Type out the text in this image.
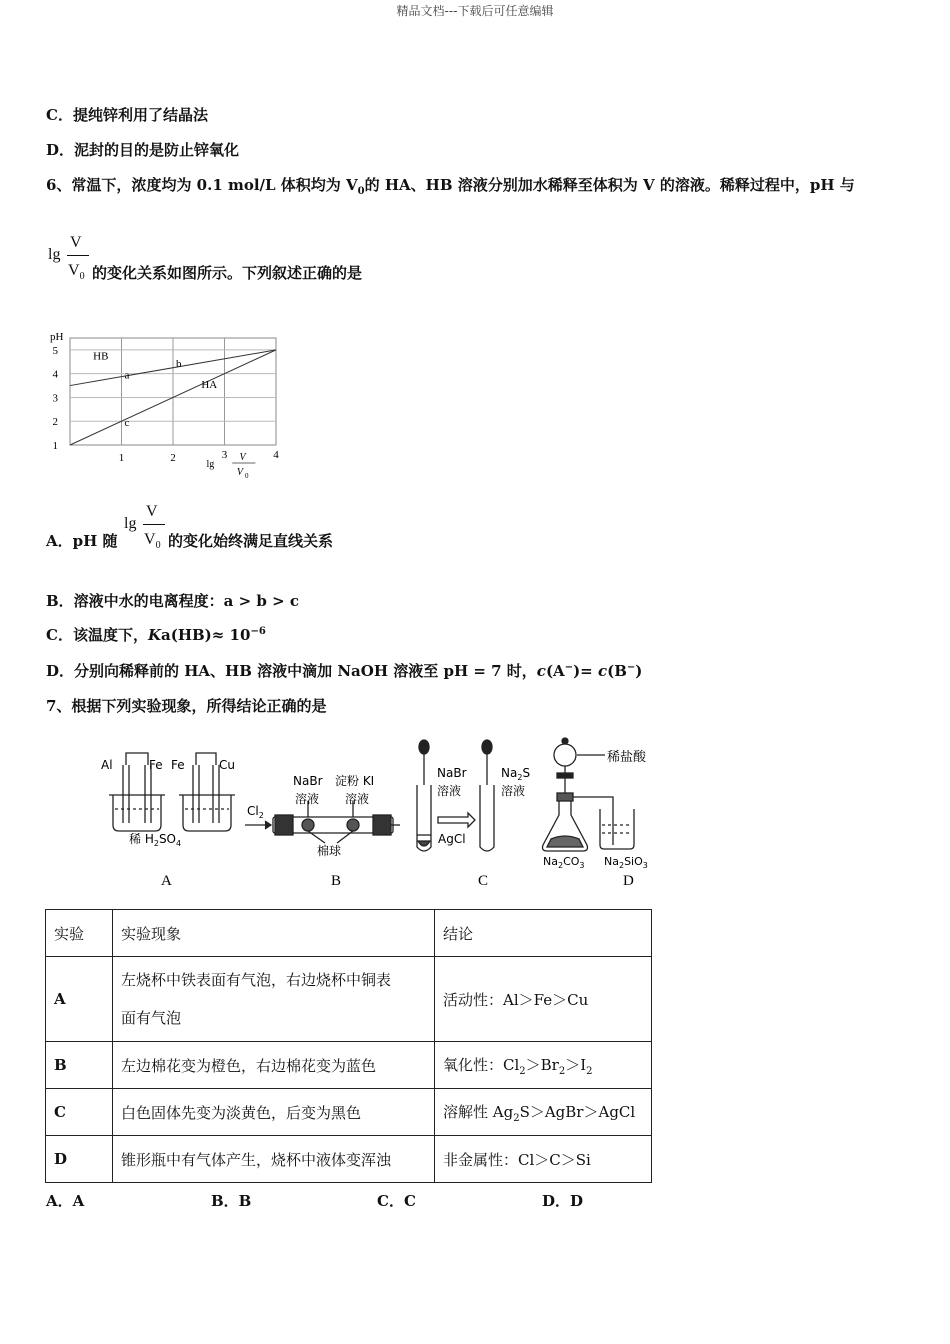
精品文档---下载后可任意编辑
C．提纯锌利用了结晶法
D．泥封的目的是防止锌氧化
6、常温下，浓度均为 0.1 mol/L 体积均为 $V_0$的 HA、HB 溶液分别加水稀释至体积为 V 的溶液。稀释过程中，pH 与
lg
V
$V_0$ 的变化关系如图所示。下列叙述正确的是
HB
HA
a
b
c
1
2
3
4
5
1	2	3	4
pH
lg
V
V 0
A．pH 随
lg
V
$V_0$ 的变化始终满足直线关系
B．溶液中水的电离程度：a > b > c
C．该温度下，$Ka(HB)\approx 10^{-6}$
D．分别向稀释前的 HA、HB 溶液中滴加 NaOH 溶液至 pH = 7 时，c(A−)= c(B−)
7、根据下列实验现象，所得结论正确的是
Al	Fe Fe	Cu
稀 $H_2SO_4$
A
$Cl_2$
NaBr
溶液
淀粉 KI
溶液
棉球
B
NaBr
溶液
$Na_2S$
溶液
AgCl
C
稀盐酸
$Na_2CO_3$ $Na_2SiO_3$
D
实验	实验现象	结论
A	左烧杯中铁表面有气泡，右边烧杯中铜表
面有气泡	活动性：Al＞Fe＞Cu
B	左边棉花变为橙色，右边棉花变为蓝色	氧化性：$Cl_2>Br_2>I_2$
C	白色固体先变为淡黄色，后变为黑色	溶解性 $Ag_2S>AgBr>AgCl$
D	锥形瓶中有气体产生，烧杯中液体变浑浊	非金属性：Cl＞C＞Si
A．A	B．B	C．C	D．D
